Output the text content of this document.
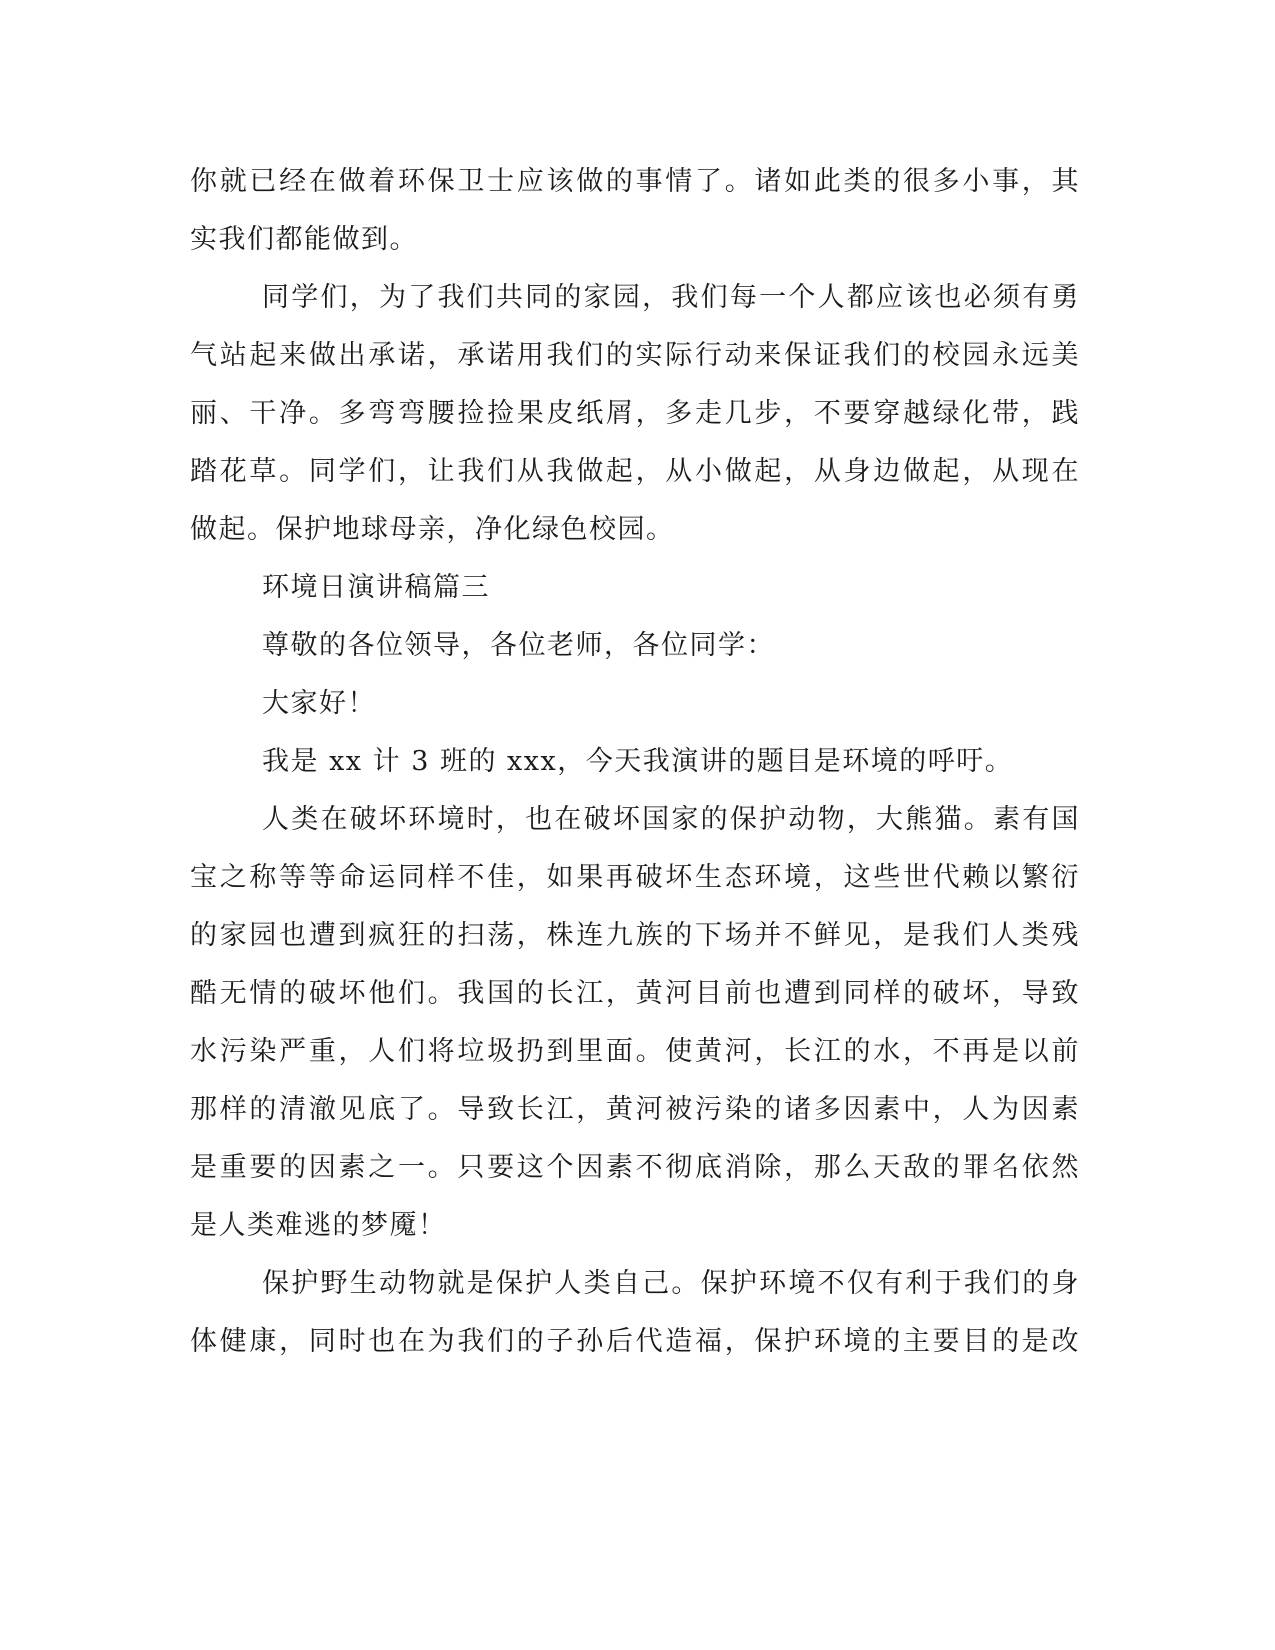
你就已经在做着环保卫士应该做的事情了。诸如此类的很多小事，其

实我们都能做到。

同学们，为了我们共同的家园，我们每一个人都应该也必须有勇

气站起来做出承诺，承诺用我们的实际行动来保证我们的校园永远美

丽、干净。多弯弯腰捡捡果皮纸屑，多走几步，不要穿越绿化带，践

踏花草。同学们，让我们从我做起，从小做起，从身边做起，从现在

做起。保护地球母亲，净化绿色校园。

环境日演讲稿篇三

尊敬的各位领导，各位老师，各位同学：

大家好！

我是 xx 计 3 班的 xxx，今天我演讲的题目是环境的呼吁。

人类在破坏环境时，也在破坏国家的保护动物，大熊猫。素有国

宝之称等等命运同样不佳，如果再破坏生态环境，这些世代赖以繁衍

的家园也遭到疯狂的扫荡，株连九族的下场并不鲜见，是我们人类残

酷无情的破坏他们。我国的长江，黄河目前也遭到同样的破坏，导致

水污染严重，人们将垃圾扔到里面。使黄河，长江的水，不再是以前

那样的清澈见底了。导致长江，黄河被污染的诸多因素中，人为因素

是重要的因素之一。只要这个因素不彻底消除，那么天敌的罪名依然

是人类难逃的梦魇！

保护野生动物就是保护人类自己。保护环境不仅有利于我们的身

体健康，同时也在为我们的子孙后代造福，保护环境的主要目的是改
